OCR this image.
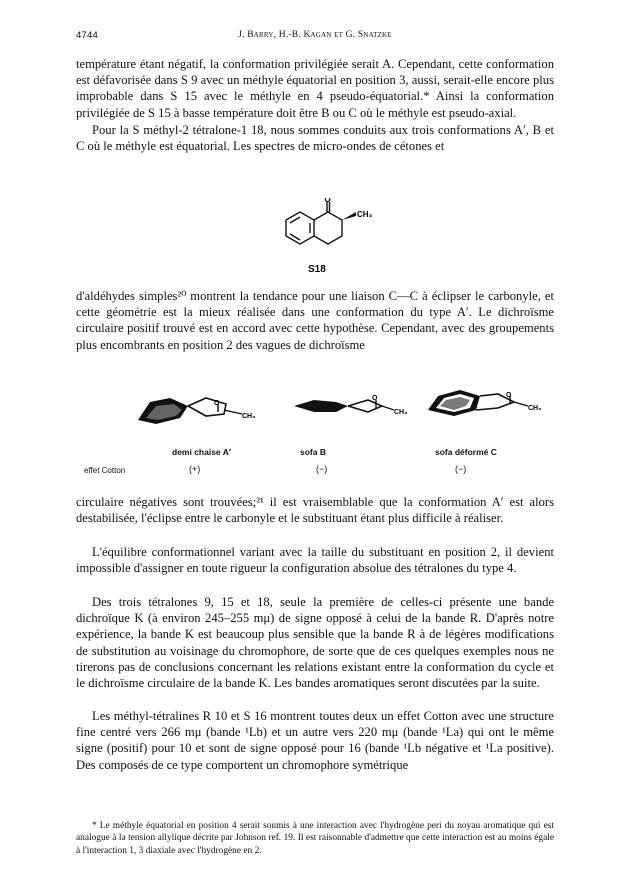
4744	J. Barry, H.-B. Kagan et G. Snatzke

température étant négatif, la conformation privilégiée serait A. Cependant, cette conformation est défavorisée dans S 9 avec un méthyle équatorial en position 3, aussi, serait-elle encore plus improbable dans S 15 avec le méthyle en 4 pseudo-équatorial.* Ainsi la conformation privilégiée de S 15 à basse température doit être B ou C où le méthyle est pseudo-axial.

Pour la S méthyl-2 tétralone-1 18, nous sommes conduits aux trois conformations A′, B et C où le méthyle est équatorial. Les spectres de micro-ondes de cétones et

O
CH₃
S18

d'aldéhydes simples²⁰ montrent la tendance pour une liaison C—C à éclipser le carbonyle, et cette géométrie est la mieux réalisée dans une conformation du type A′. Le dichroïsme circulaire positif trouvé est en accord avec cette hypothèse. Cependant, avec des groupements plus encombrants en position 2 des vagues de dichroïsme

O
CH₃
O
CH₃
O
CH₃
demi chaise A′	sofa B	sofa déformé C
effet Cotton	(+)	(−)	(−)

circulaire négatives sont trouvées;²¹ il est vraisemblable que la conformation A′ est alors destabilisée, l'éclipse entre le carbonyle et le substituant étant plus difficile à réaliser.

L'équilibre conformationnel variant avec la taille du substituant en position 2, il devient impossible d'assigner en toute rigueur la configuration absolue des tétralones du type 4.

Des trois tétralones 9, 15 et 18, seule la première de celles-ci présente une bande dichroïque K (à environ 245–255 mμ) de signe opposé à celui de la bande R. D'après notre expérience, la bande K est beaucoup plus sensible que la bande R à de légères modifications de substitution au voisinage du chromophore, de sorte que de ces quelques exemples nous ne tirerons pas de conclusions concernant les relations existant entre la conformation du cycle et le dichroïsme circulaire de la bande K. Les bandes aromatiques seront discutées par la suite.

Les méthyl-tétralines R 10 et S 16 montrent toutes deux un effet Cotton avec une structure fine centré vers 266 mμ (bande ¹Lb) et un autre vers 220 mμ (bande ¹La) qui ont le même signe (positif) pour 10 et sont de signe opposé pour 16 (bande ¹Lb négative et ¹La positive). Des composés de ce type comportent un chromophore symétrique

* Le méthyle équatorial en position 4 serait soumis à une interaction avec l'hydrogène peri du noyau aromatique qui est analogue à la tension allylique décrite par Johnson ref. 19. Il est raisonnable d'admettre que cette interaction est au moins égale à l'interaction 1, 3 diaxiale avec l'hydrogène en 2.
